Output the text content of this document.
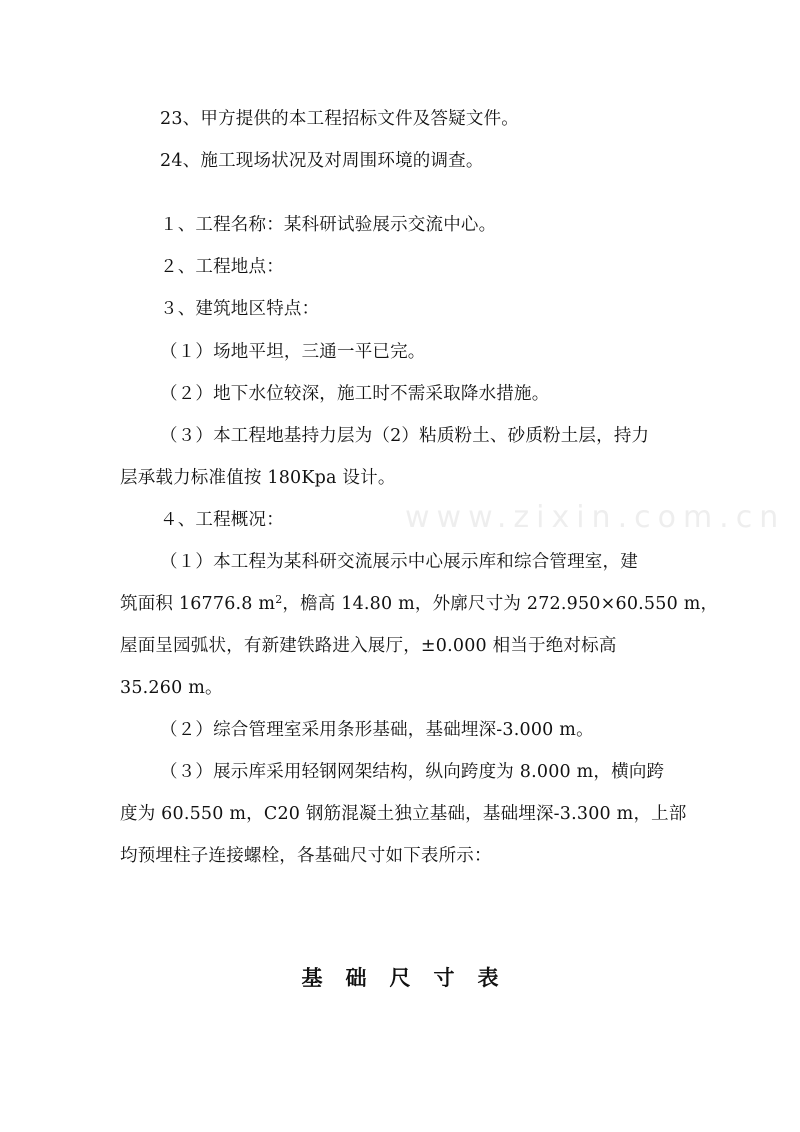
www.zixin.com.cn
23、甲方提供的本工程招标文件及答疑文件。
24、施工现场状况及对周围环境的调查。
１、工程名称：某科研试验展示交流中心。
２、工程地点：
３、建筑地区特点：
（１）场地平坦，三通一平已完。
（２）地下水位较深，施工时不需采取降水措施。
（３）本工程地基持力层为（2）粘质粉土、砂质粉土层，持力
层承载力标准值按 180Kpa 设计。
４、工程概况：
（１）本工程为某科研交流展示中心展示库和综合管理室，建
筑面积 16776.8 $m^2$，檐高 14.80 m，外廓尺寸为 272.950×60.550 m，
屋面呈园弧状，有新建铁路进入展厅，±0.000 相当于绝对标高
35.260 m。
（２）综合管理室采用条形基础，基础埋深-3.000 m。
（３）展示库采用轻钢网架结构，纵向跨度为 8.000 m，横向跨
度为 60.550 m，C20 钢筋混凝土独立基础，基础埋深-3.300 m，上部
均预埋柱子连接螺栓，各基础尺寸如下表所示：
基础尺寸表
